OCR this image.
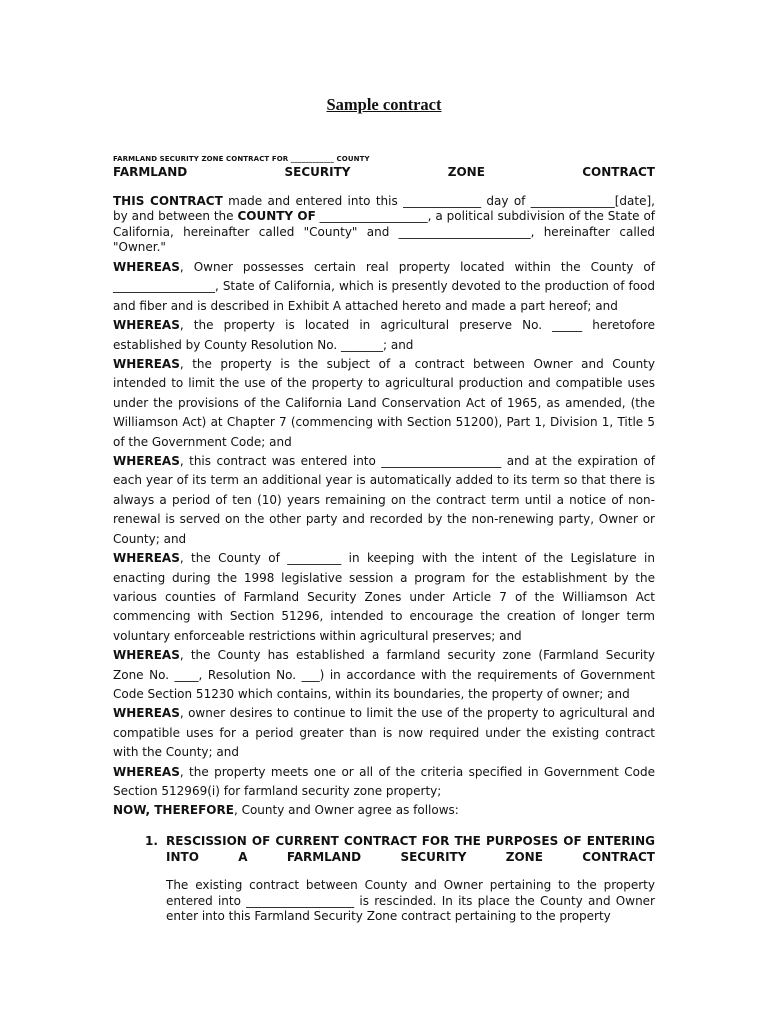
Sample contract
FARMLAND SECURITY ZONE CONTRACT FOR ____________ COUNTY
FARMLAND	SECURITY	ZONE	CONTRACT

THIS CONTRACT made and entered into this _____________ day of ______________[date], by and between the COUNTY OF __________________, a political subdivision of the State of California, hereinafter called "County" and ______________________, hereinafter called "Owner."

WHEREAS, Owner possesses certain real property located within the County of _________________, State of California, which is presently devoted to the production of food and fiber and is described in Exhibit A attached hereto and made a part hereof; and

WHEREAS, the property is located in agricultural preserve No. _____ heretofore established by County Resolution No. _______; and

WHEREAS, the property is the subject of a contract between Owner and County intended to limit the use of the property to agricultural production and compatible uses under the provisions of the California Land Conservation Act of 1965, as amended, (the Williamson Act) at Chapter 7 (commencing with Section 51200), Part 1, Division 1, Title 5 of the Government Code; and

WHEREAS, this contract was entered into ____________________ and at the expiration of each year of its term an additional year is automatically added to its term so that there is always a period of ten (10) years remaining on the contract term until a notice of non-renewal is served on the other party and recorded by the non-renewing party, Owner or County; and

WHEREAS, the County of _________ in keeping with the intent of the Legislature in enacting during the 1998 legislative session a program for the establishment by the various counties of Farmland Security Zones under Article 7 of the Williamson Act commencing with Section 51296, intended to encourage the creation of longer term voluntary enforceable restrictions within agricultural preserves; and

WHEREAS, the County has established a farmland security zone (Farmland Security Zone No. ____, Resolution No. ___) in accordance with the requirements of Government Code Section 51230 which contains, within its boundaries, the property of owner; and

WHEREAS, owner desires to continue to limit the use of the property to agricultural and compatible uses for a period greater than is now required under the existing contract with the County; and

WHEREAS, the property meets one or all of the criteria specified in Government Code Section 512969(i) for farmland security zone property;

NOW, THEREFORE, County and Owner agree as follows:

1. RESCISSION OF CURRENT CONTRACT FOR THE PURPOSES OF ENTERING
INTO A FARMLAND SECURITY ZONE CONTRACT

The existing contract between County and Owner pertaining to the property entered into __________________ is rescinded. In its place the County and Owner enter into this Farmland Security Zone contract pertaining to the property
